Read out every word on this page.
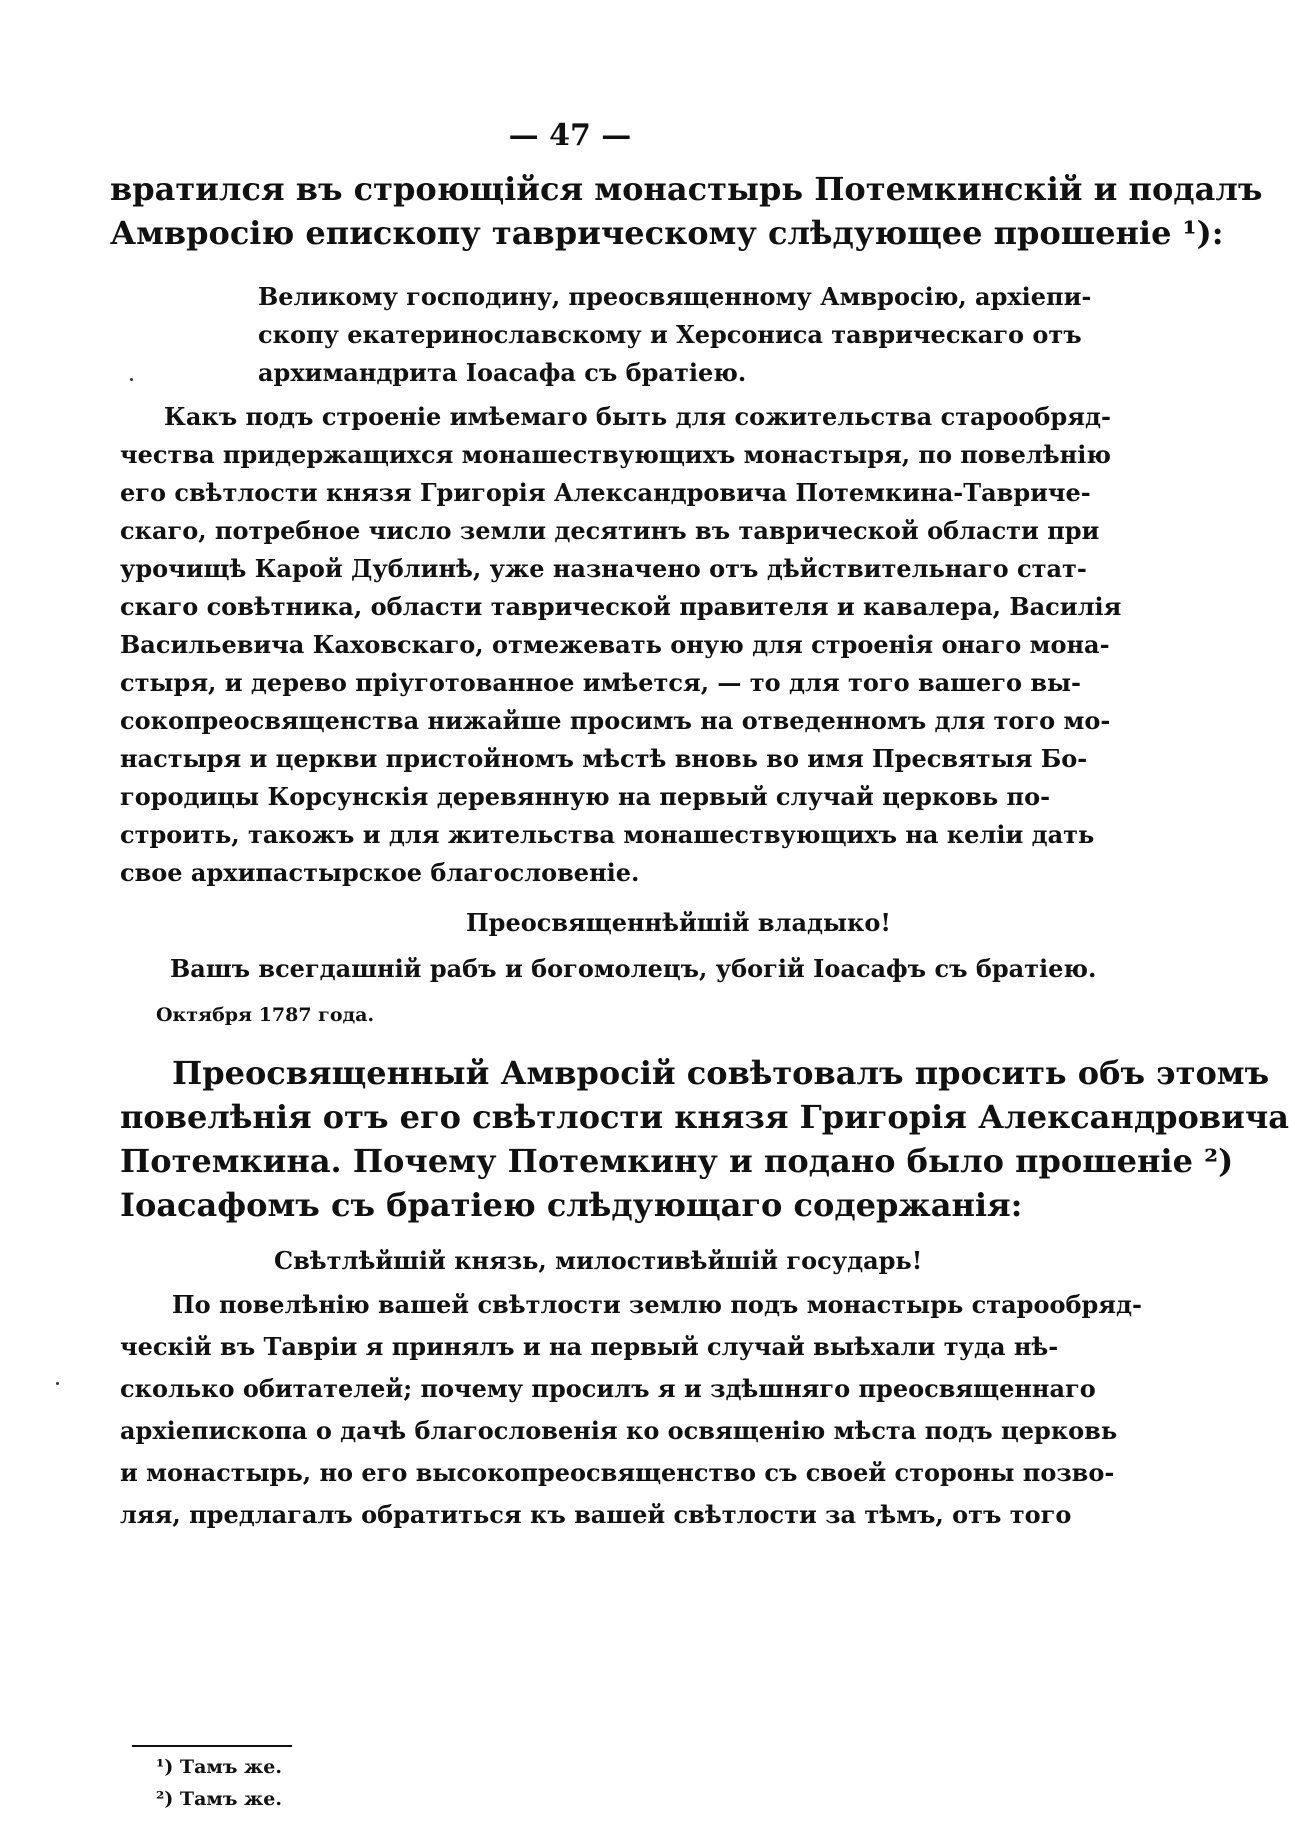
— 47 —
вратился въ строющійся монастырь Потемкинскій и подалъ
Амвросію епископу таврическому слѣдующее прошеніе ¹):
Великому господину, преосвященному Амвросію, архіепи-
скопу екатеринославскому и Херсониса таврическаго отъ
архимандрита Іоасафа съ братіею.
Какъ подъ строеніе имѣемаго быть для сожительства старообряд-
чества придержащихся монашествующихъ монастыря, по повелѣнію
его свѣтлости князя Григорія Александровича Потемкина-Тавриче-
скаго, потребное число земли десятинъ въ таврической области при
урочищѣ Карой Дублинѣ, уже назначено отъ дѣйствительнаго стат-
скаго совѣтника, области таврической правителя и кавалера, Василія
Васильевича Каховскаго, отмежевать оную для строенія онаго мона-
стыря, и дерево пріуготованное имѣется, — то для того вашего вы-
сокопреосвященства нижайше просимъ на отведенномъ для того мо-
настыря и церкви пристойномъ мѣстѣ вновь во имя Пресвятыя Бо-
городицы Корсунскія деревянную на первый случай церковь по-
строить, такожъ и для жительства монашествующихъ на келіи дать
свое архипастырское благословеніе.
Преосвященнѣйшій владыко!
Вашъ всегдашній рабъ и богомолецъ, убогій Іоасафъ съ братіею.
Октября 1787 года.
Преосвященный Амвросій совѣтовалъ просить объ этомъ
повелѣнія отъ его свѣтлости князя Григорія Александровича
Потемкина. Почему Потемкину и подано было прошеніе ²)
Іоасафомъ съ братіею слѣдующаго содержанія:
Свѣтлѣйшій князь, милостивѣйшій государь!
По повелѣнію вашей свѣтлости землю подъ монастырь старообряд-
ческій въ Тавріи я принялъ и на первый случай выѣхали туда нѣ-
сколько обитателей; почему просилъ я и здѣшняго преосвященнаго
архіепископа о дачѣ благословенія ко освященію мѣста подъ церковь
и монастырь, но его высокопреосвященство съ своей стороны позво-
ляя, предлагалъ обратиться къ вашей свѣтлости за тѣмъ, отъ того
¹) Тамъ же.
²) Тамъ же.
